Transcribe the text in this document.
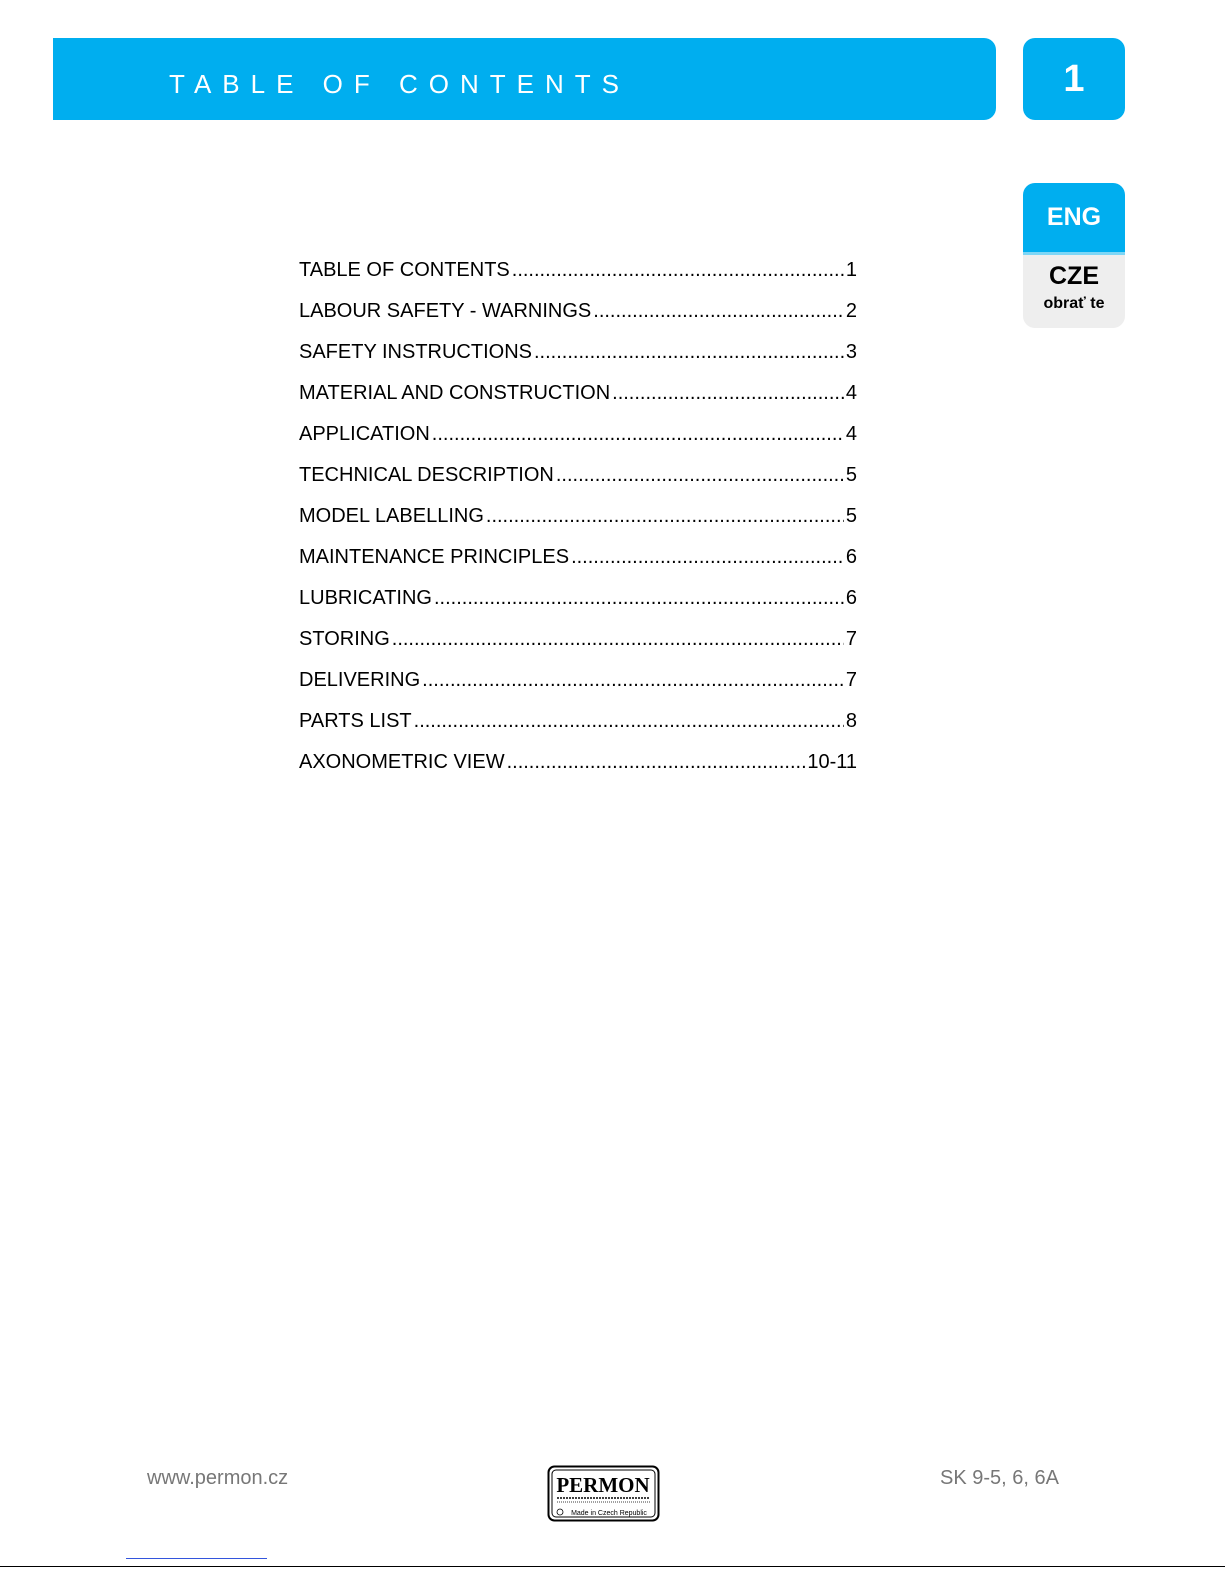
TABLE OF CONTENTS	1
ENG
CZE
obrať te
TABLE OF CONTENTS .....	1
LABOUR SAFETY - WARNINGS .....	2
SAFETY INSTRUCTIONS .....	3
MATERIAL AND CONSTRUCTION .....	4
APPLICATION .....	4
TECHNICAL DESCRIPTION .....	5
MODEL LABELLING .....	5
MAINTENANCE PRINCIPLES .....	6
LUBRICATING .....	6
STORING .....	7
DELIVERING .....	7
PARTS LIST .....	8
AXONOMETRIC VIEW .....	10-11
www.permon.cz	PERMON
Made in Czech Republic
SK 9-5, 6, 6A
